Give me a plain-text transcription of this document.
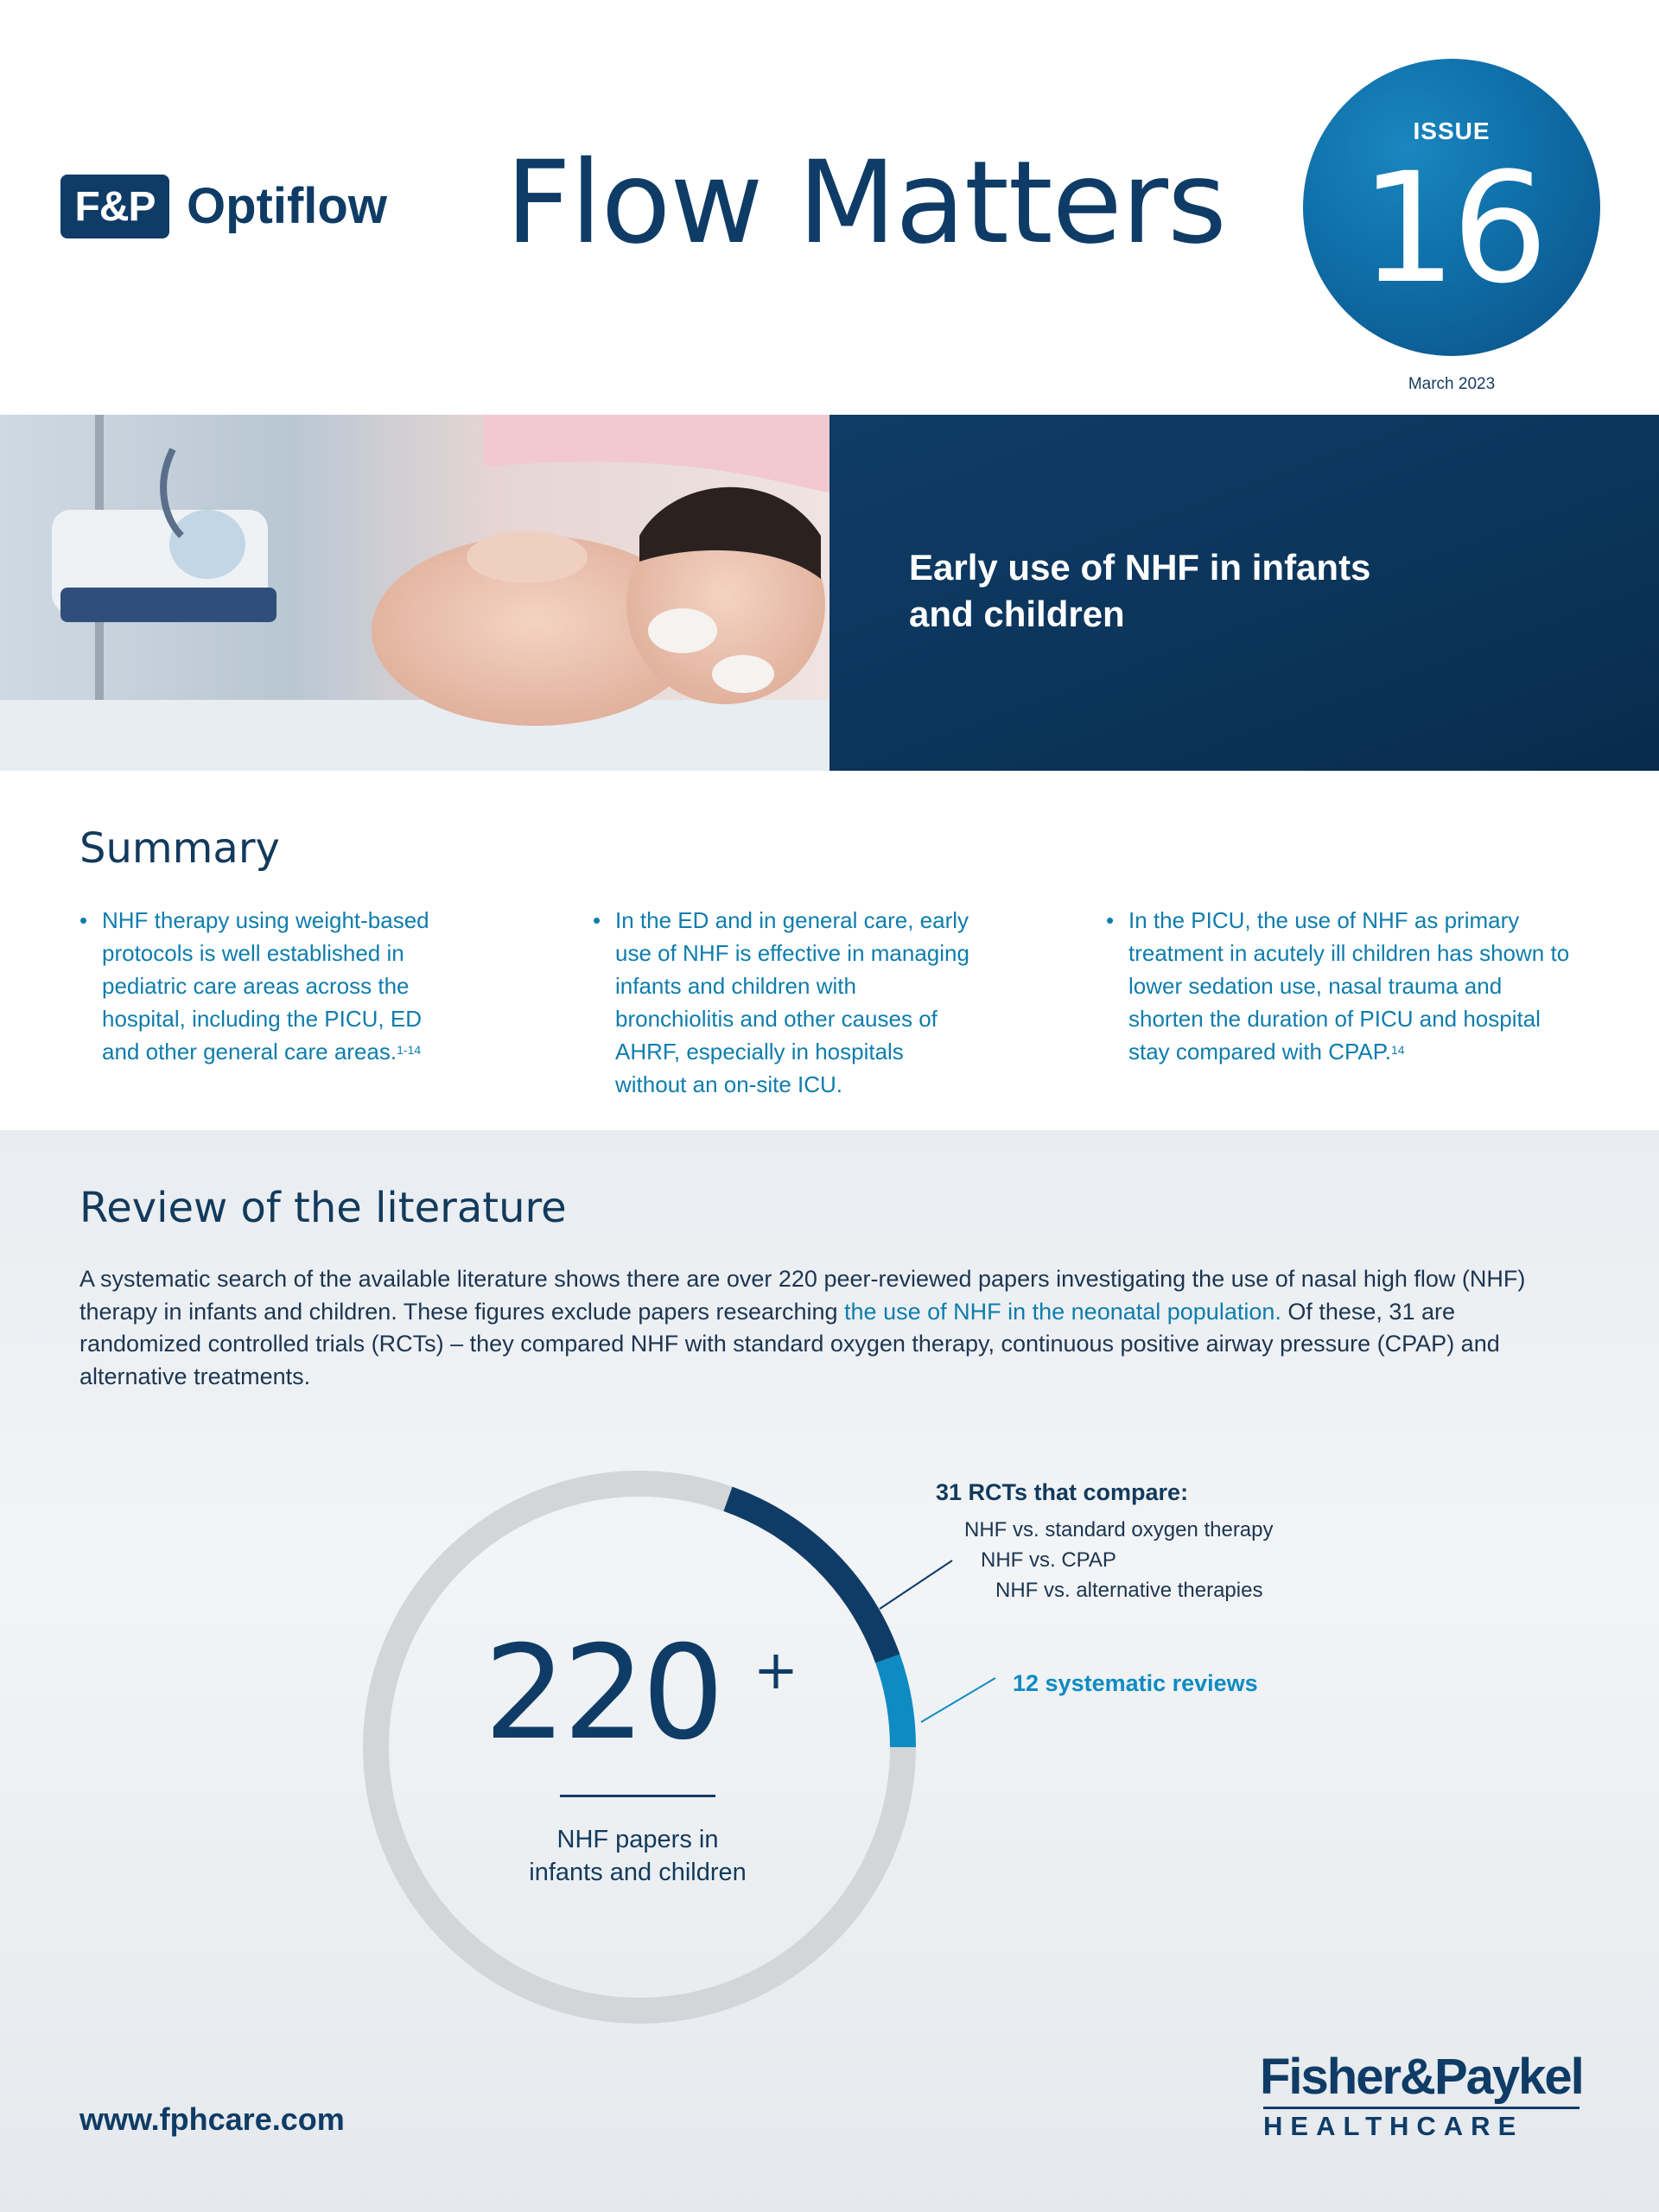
F&P Optiflow Flow Matters
ISSUE
16
March 2023
Early use of NHF in infants
and children
Summary
• NHF therapy using weight-based protocols is well established in pediatric care areas across the hospital, including the PICU, ED and other general care areas.$^{1-14}$
• In the ED and in general care, early use of NHF is effective in managing infants and children with bronchiolitis and other causes of AHRF, especially in hospitals without an on-site ICU.
• In the PICU, the use of NHF as primary treatment in acutely ill children has shown to lower sedation use, nasal trauma and shorten the duration of PICU and hospital stay compared with CPAP.$^{14}$
Review of the literature
A systematic search of the available literature shows there are over 220 peer-reviewed papers investigating the use of nasal high flow (NHF) therapy in infants and children. These figures exclude papers researching the use of NHF in the neonatal population. Of these, 31 are randomized controlled trials (RCTs) – they compared NHF with standard oxygen therapy, continuous positive airway pressure (CPAP) and alternative treatments.
220 +
NHF papers in
infants and children
31 RCTs that compare:
NHF vs. standard oxygen therapy
NHF vs. CPAP
NHF vs. alternative therapies
12 systematic reviews
www.fphcare.com
Fisher&Paykel
HEALTHCARE
